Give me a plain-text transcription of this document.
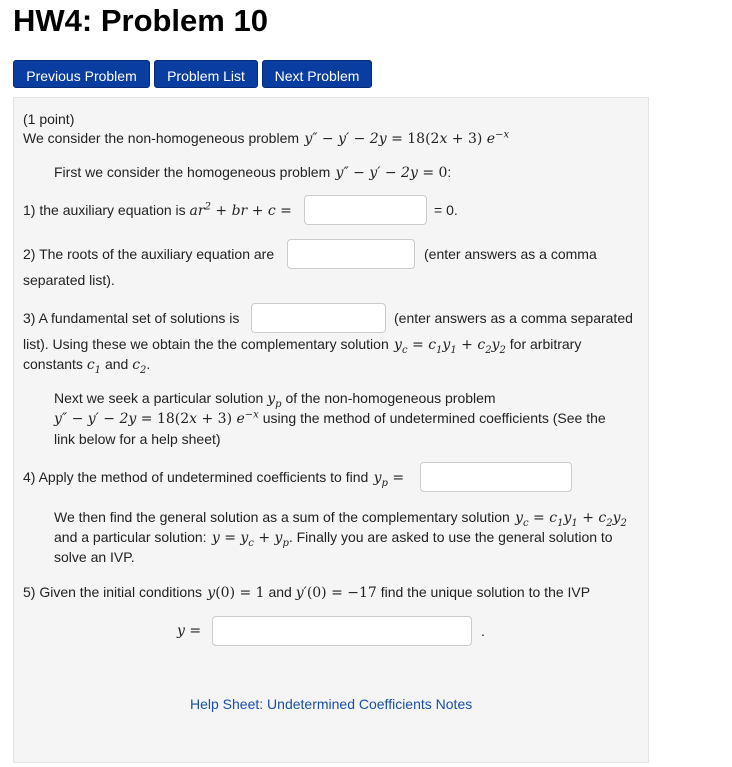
HW4: Problem 10
Previous Problem	Problem List	Next Problem
(1 point)
We consider the non-homogeneous problem  y″ − y′ − 2y = 18(2x + 3) $e^{-x}$
First we consider the homogeneous problem  y″ − y′ − 2y = 0:
1) the auxiliary equation is $ar^2$ + br + c =	= 0.
2) The roots of the auxiliary equation are	(enter answers as a comma
separated list).
3) A fundamental set of solutions is	(enter answers as a comma separated
list). Using these we obtain the the complementary solution  $y_c = c_1y_1 + c_2y_2$ for arbitrary
constants $c_1$ and $c_2$.
Next we seek a particular solution $y_p$ of the non-homogeneous problem
y″ − y′ − 2y = 18(2x + 3) $e^{-x}$ using the method of undetermined coefficients (See the
link below for a help sheet)
4) Apply the method of undetermined coefficients to find  $y_p$ =
We then find the general solution as a sum of the complementary solution  $y_c = c_1y_1 + c_2y_2$
and a particular solution:  $y = y_c + y_p$. Finally you are asked to use the general solution to
solve an IVP.
5) Given the initial conditions  y(0) = 1 and y′(0) = −17 find the unique solution to the IVP
y =	.
Help Sheet: Undetermined Coefficients Notes
